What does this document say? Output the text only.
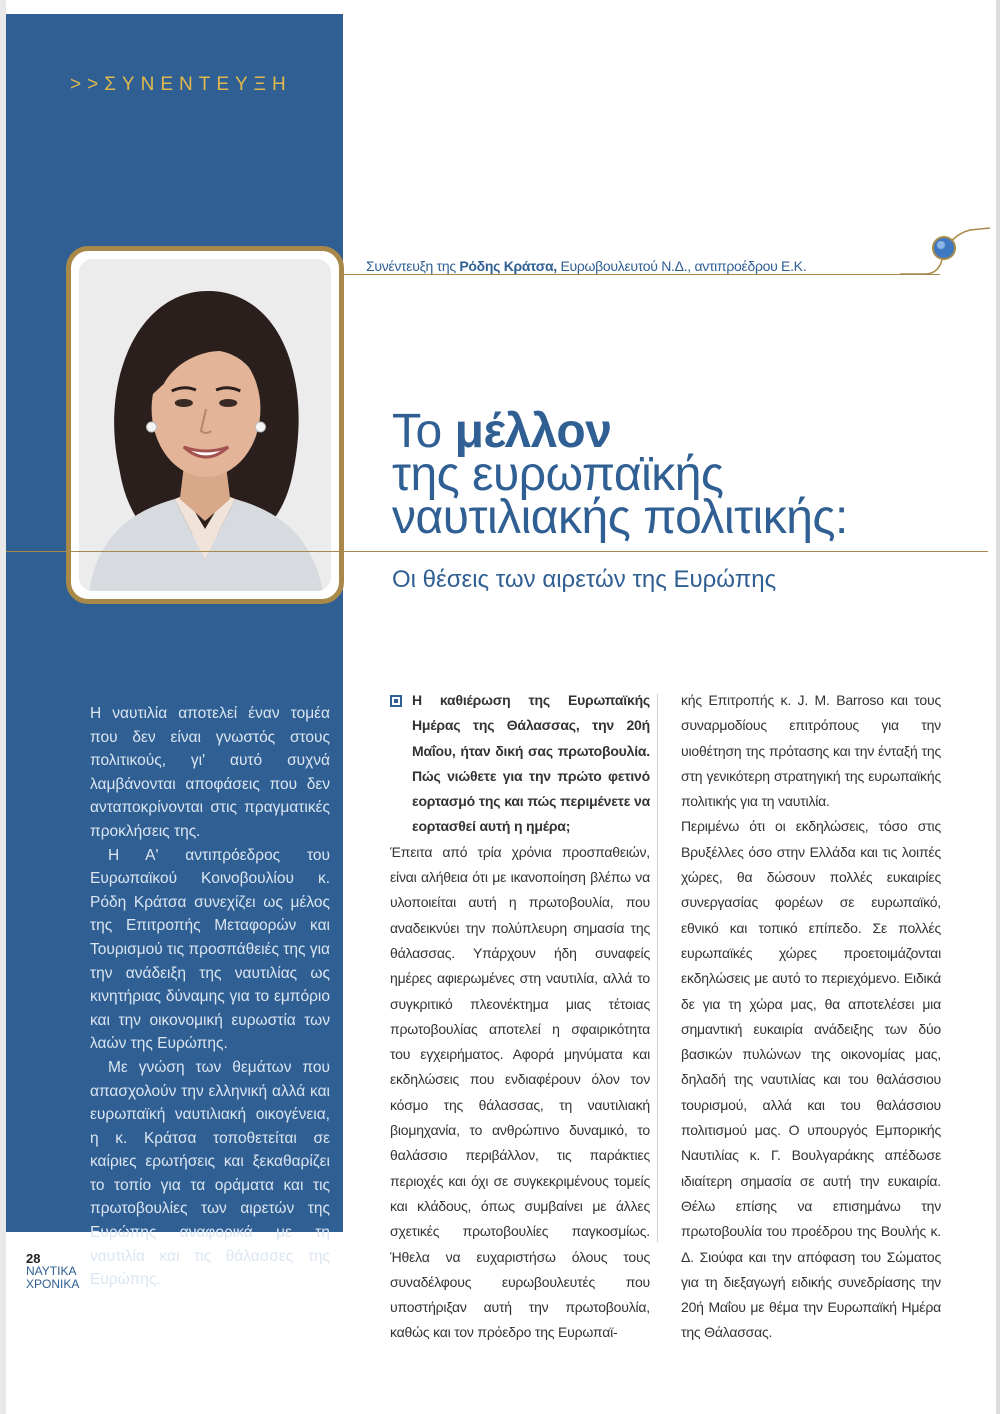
>>ΣΥΝΕΝΤΕΥΞΗ

Η ναυτιλία αποτελεί έναν τομέα που δεν είναι γνωστός στους πολιτικούς, γι' αυτό συχνά λαμβάνονται αποφάσεις που δεν ανταποκρίνονται στις πραγματικές προκλήσεις της.

Η Α' αντιπρόεδρος του Ευρωπαϊκού Κοινοβουλίου κ. Ρόδη Κράτσα συνεχίζει ως μέλος της Επιτροπής Μεταφορών και Τουρισμού τις προσπάθειές της για την ανάδειξη της ναυτιλίας ως κινητήριας δύναμης για το εμπόριο και την οικονομική ευρωστία των λαών της Ευρώπης.

Με γνώση των θεμάτων που απασχολούν την ελληνική αλλά και ευρωπαϊκή ναυτιλιακή οικογένεια, η κ. Κράτσα τοποθετείται σε καίριες ερωτήσεις και ξεκαθαρίζει το τοπίο για τα οράματα και τις πρωτοβουλίες των αιρετών της Ευρώπης αναφορικά με τη ναυτιλία και τις θάλασσες της Ευρώπης.

Συνέντευξη της Ρόδης Κράτσα, Ευρωβουλευτού Ν.Δ., αντιπροέδρου Ε.Κ.
Το μέλλον
της ευρωπαϊκής
ναυτιλιακής πολιτικής:
Οι θέσεις των αιρετών της Ευρώπης

Η καθιέρωση της Ευρωπαϊκής Ημέρας της Θάλασσας, την 20ή Μαΐου, ήταν δική σας πρωτοβουλία. Πώς νιώθετε για την πρώτο φετινό εορτασμό της και πώς περιμένετε να εορτασθεί αυτή η ημέρα;

Έπειτα από τρία χρόνια προσπαθειών, είναι αλήθεια ότι με ικανοποίηση βλέπω να υλοποιείται αυτή η πρωτοβουλία, που αναδεικνύει την πολύπλευρη σημασία της θάλασσας. Υπάρχουν ήδη συναφείς ημέρες αφιερωμένες στη ναυτιλία, αλλά το συγκριτικό πλεονέκτημα μιας τέτοιας πρωτοβουλίας αποτελεί η σφαιρικότητα του εγχειρήματος. Αφορά μηνύματα και εκδηλώσεις που ενδιαφέρουν όλον τον κόσμο της θάλασσας, τη ναυτιλιακή βιομηχανία, το ανθρώπινο δυναμικό, το θαλάσσιο περιβάλλον, τις παράκτιες περιοχές και όχι σε συγκεκριμένους τομείς και κλάδους, όπως συμβαίνει με άλλες σχετικές πρωτοβουλίες παγκοσμίως. Ήθελα να ευχαριστήσω όλους τους συναδέλφους ευρωβουλευτές που υποστήριξαν αυτή την πρωτοβουλία, καθώς και τον πρόεδρο της Ευρωπαϊ-

κής Επιτροπής κ. J. M. Barroso και τους συναρμοδίους επιτρόπους για την υιοθέτηση της πρότασης και την ένταξή της στη γενικότερη στρατηγική της ευρωπαϊκής πολιτικής για τη ναυτιλία.

Περιμένω ότι οι εκδηλώσεις, τόσο στις Βρυξέλλες όσο στην Ελλάδα και τις λοιπές χώρες, θα δώσουν πολλές ευκαιρίες συνεργασίας φορέων σε ευρωπαϊκό, εθνικό και τοπικό επίπεδο. Σε πολλές ευρωπαϊκές χώρες προετοιμάζονται εκδηλώσεις με αυτό το περιεχόμενο. Ειδικά δε για τη χώρα μας, θα αποτελέσει μια σημαντική ευκαιρία ανάδειξης των δύο βασικών πυλώνων της οικονομίας μας, δηλαδή της ναυτιλίας και του θαλάσσιου τουρισμού, αλλά και του θαλάσσιου πολιτισμού μας. Ο υπουργός Εμπορικής Ναυτιλίας κ. Γ. Βουλγαράκης απέδωσε ιδιαίτερη σημασία σε αυτή την ευκαιρία. Θέλω επίσης να επισημάνω την πρωτοβουλία του προέδρου της Βουλής κ. Δ. Σιούφα και την απόφαση του Σώματος για τη διεξαγωγή ειδικής συνεδρίασης την 20ή Μαΐου με θέμα την Ευρωπαϊκή Ημέρα της Θάλασσας.

28
ΝΑΥΤΙΚΑ
ΧΡΟΝΙΚΑ
